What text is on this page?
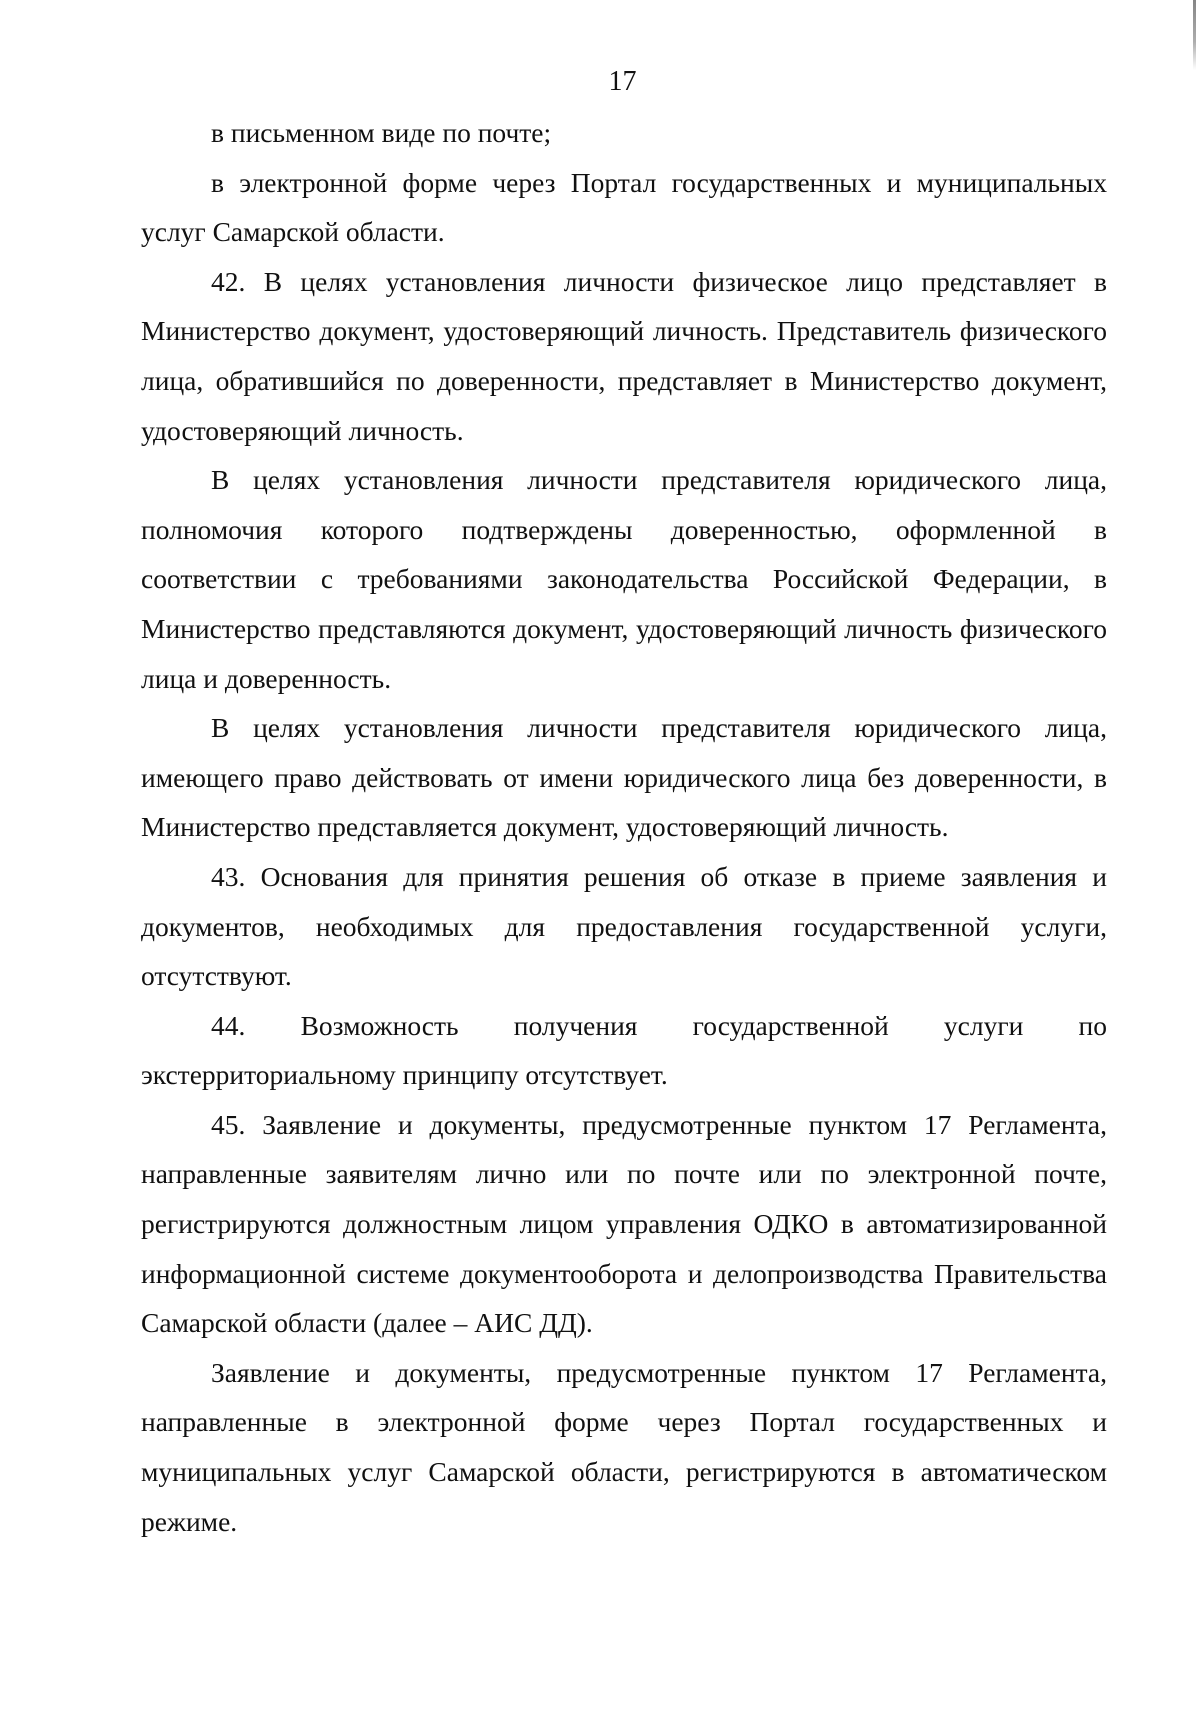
17

в письменном виде по почте;

в электронной форме через Портал государственных и муниципальных услуг Самарской области.

42. В целях установления личности физическое лицо представляет в Министерство документ, удостоверяющий личность. Представитель физического лица, обратившийся по доверенности, представляет в Министерство документ, удостоверяющий личность.

В целях установления личности представителя юридического лица, полномочия которого подтверждены доверенностью, оформленной в соответствии с требованиями законодательства Российской Федерации, в Министерство представляются документ, удостоверяющий личность физического лица и доверенность.

В целях установления личности представителя юридического лица, имеющего право действовать от имени юридического лица без доверенности, в Министерство представляется документ, удостоверяющий личность.

43. Основания для принятия решения об отказе в приеме заявления и документов, необходимых для предоставления государственной услуги, отсутствуют.

44. Возможность получения государственной услуги по экстерриториальному принципу отсутствует.

45. Заявление и документы, предусмотренные пунктом 17 Регламента, направленные заявителям лично или по почте или по электронной почте, регистрируются должностным лицом управления ОДКО в автоматизированной информационной системе документооборота и делопроизводства Правительства Самарской области (далее – АИС ДД).

Заявление и документы, предусмотренные пунктом 17 Регламента, направленные в электронной форме через Портал государственных и муниципальных услуг Самарской области, регистрируются в автоматическом режиме.
